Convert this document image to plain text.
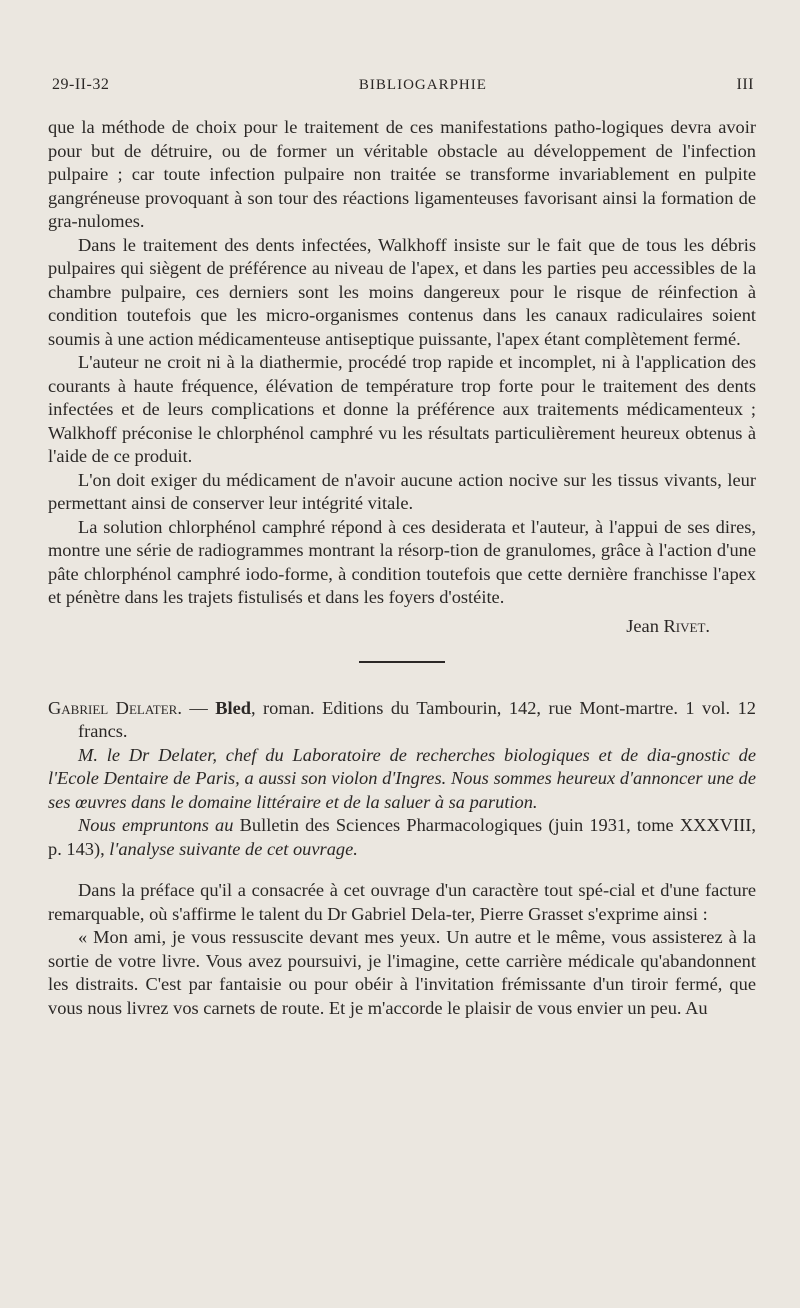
29-II-32	BIBLIOGARPHIE	III

que la méthode de choix pour le traitement de ces manifestations patho-logiques devra avoir pour but de détruire, ou de former un véritable obstacle au développement de l'infection pulpaire ; car toute infection pulpaire non traitée se transforme invariablement en pulpite gangréneuse provoquant à son tour des réactions ligamenteuses favorisant ainsi la formation de gra-nulomes.

Dans le traitement des dents infectées, Walkhoff insiste sur le fait que de tous les débris pulpaires qui siègent de préférence au niveau de l'apex, et dans les parties peu accessibles de la chambre pulpaire, ces derniers sont les moins dangereux pour le risque de réinfection à condition toutefois que les micro-organismes contenus dans les canaux radiculaires soient soumis à une action médicamenteuse antiseptique puissante, l'apex étant complètement fermé.

L'auteur ne croit ni à la diathermie, procédé trop rapide et incomplet, ni à l'application des courants à haute fréquence, élévation de température trop forte pour le traitement des dents infectées et de leurs complications et donne la préférence aux traitements médicamenteux ; Walkhoff préconise le chlorphénol camphré vu les résultats particulièrement heureux obtenus à l'aide de ce produit.

L'on doit exiger du médicament de n'avoir aucune action nocive sur les tissus vivants, leur permettant ainsi de conserver leur intégrité vitale.

La solution chlorphénol camphré répond à ces desiderata et l'auteur, à l'appui de ses dires, montre une série de radiogrammes montrant la résorp-tion de granulomes, grâce à l'action d'une pâte chlorphénol camphré iodo-forme, à condition toutefois que cette dernière franchisse l'apex et pénètre dans les trajets fistulisés et dans les foyers d'ostéite.

Jean Rivet.

Gabriel Delater. — Bled, roman. Editions du Tambourin, 142, rue Mont-martre. 1 vol. 12 francs.

M. le Dr Delater, chef du Laboratoire de recherches biologiques et de dia-gnostic de l'Ecole Dentaire de Paris, a aussi son violon d'Ingres. Nous sommes heureux d'annoncer une de ses œuvres dans le domaine littéraire et de la saluer à sa parution.

Nous empruntons au Bulletin des Sciences Pharmacologiques (juin 1931, tome XXXVIII, p. 143), l'analyse suivante de cet ouvrage.

Dans la préface qu'il a consacrée à cet ouvrage d'un caractère tout spé-cial et d'une facture remarquable, où s'affirme le talent du Dr Gabriel Dela-ter, Pierre Grasset s'exprime ainsi :

« Mon ami, je vous ressuscite devant mes yeux. Un autre et le même, vous assisterez à la sortie de votre livre. Vous avez poursuivi, je l'imagine, cette carrière médicale qu'abandonnent les distraits. C'est par fantaisie ou pour obéir à l'invitation frémissante d'un tiroir fermé, que vous nous livrez vos carnets de route. Et je m'accorde le plaisir de vous envier un peu. Au
